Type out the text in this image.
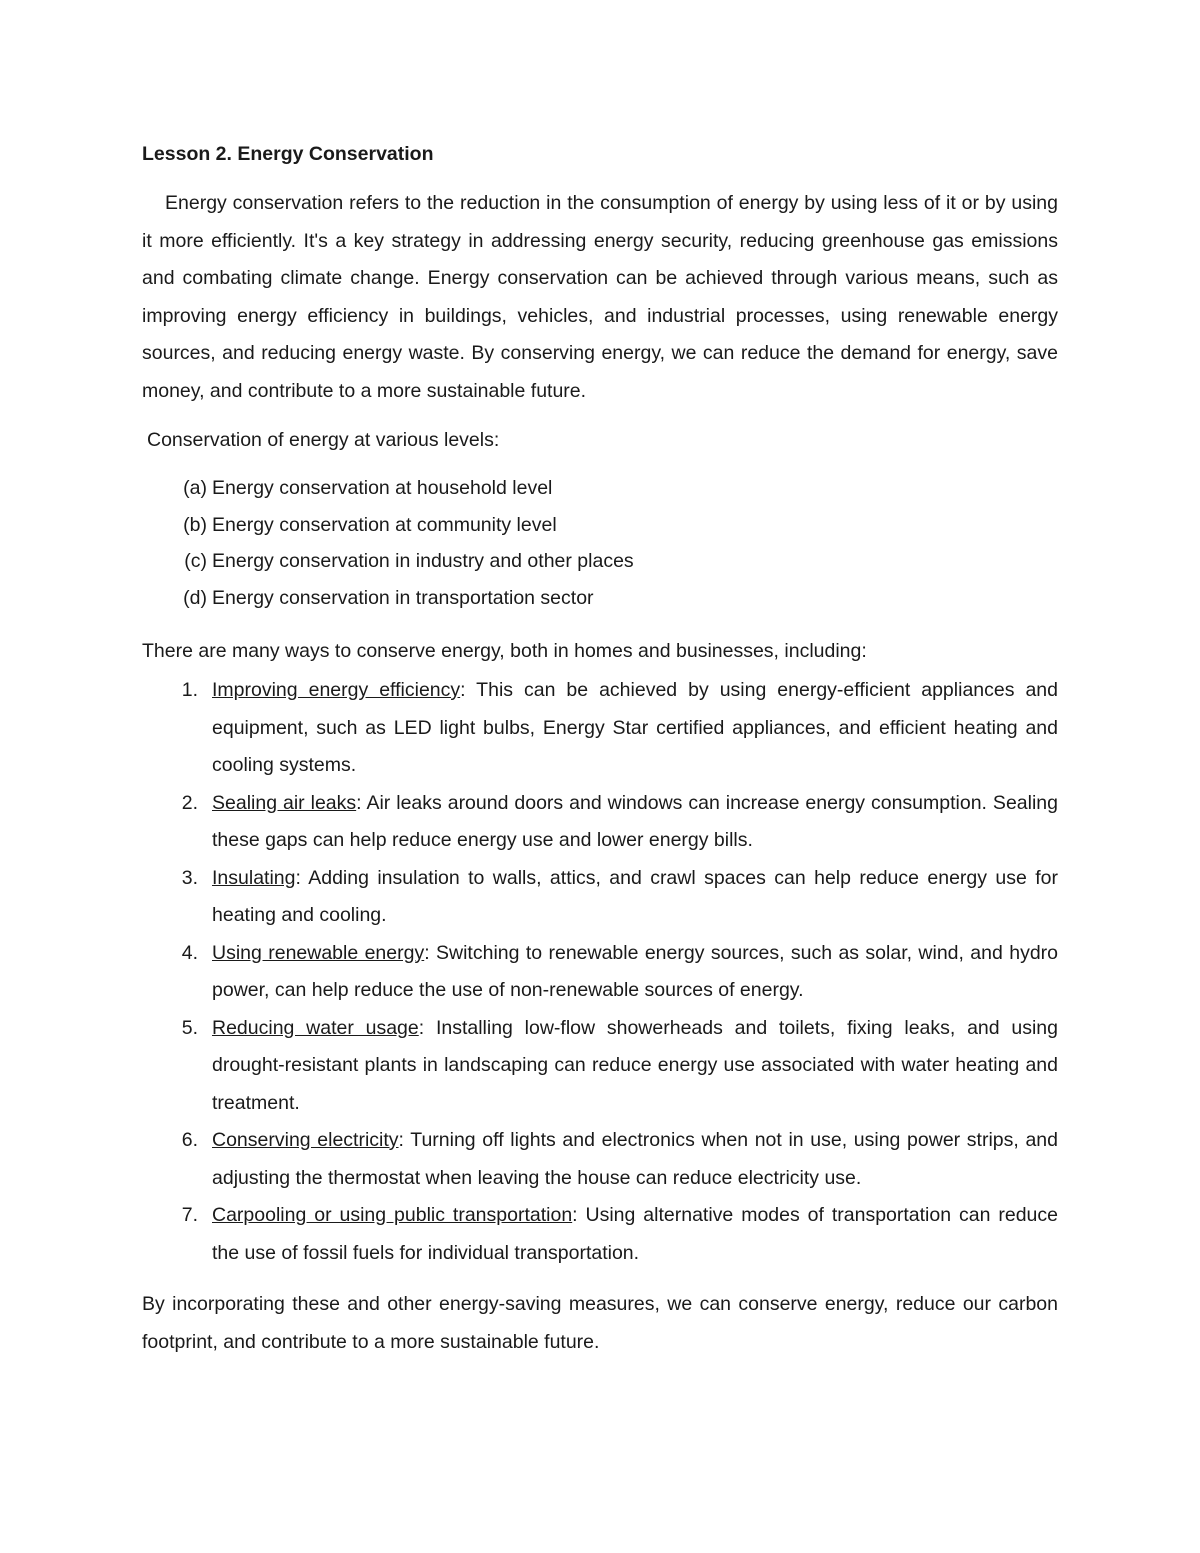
Lesson 2. Energy Conservation

Energy conservation refers to the reduction in the consumption of energy by using less of it or by using it more efficiently. It's a key strategy in addressing energy security, reducing greenhouse gas emissions and combating climate change. Energy conservation can be achieved through various means, such as improving energy efficiency in buildings, vehicles, and industrial processes, using renewable energy sources, and reducing energy waste. By conserving energy, we can reduce the demand for energy, save money, and contribute to a more sustainable future.

Conservation of energy at various levels:

(a) Energy conservation at household level
(b) Energy conservation at community level
(c) Energy conservation in industry and other places
(d) Energy conservation in transportation sector

There are many ways to conserve energy, both in homes and businesses, including:

1. Improving energy efficiency: This can be achieved by using energy-efficient appliances and equipment, such as LED light bulbs, Energy Star certified appliances, and efficient heating and cooling systems.
2. Sealing air leaks: Air leaks around doors and windows can increase energy consumption. Sealing these gaps can help reduce energy use and lower energy bills.
3. Insulating: Adding insulation to walls, attics, and crawl spaces can help reduce energy use for heating and cooling.
4. Using renewable energy: Switching to renewable energy sources, such as solar, wind, and hydro power, can help reduce the use of non-renewable sources of energy.
5. Reducing water usage: Installing low-flow showerheads and toilets, fixing leaks, and using drought-resistant plants in landscaping can reduce energy use associated with water heating and treatment.
6. Conserving electricity: Turning off lights and electronics when not in use, using power strips, and adjusting the thermostat when leaving the house can reduce electricity use.
7. Carpooling or using public transportation: Using alternative modes of transportation can reduce the use of fossil fuels for individual transportation.

By incorporating these and other energy-saving measures, we can conserve energy, reduce our carbon footprint, and contribute to a more sustainable future.
